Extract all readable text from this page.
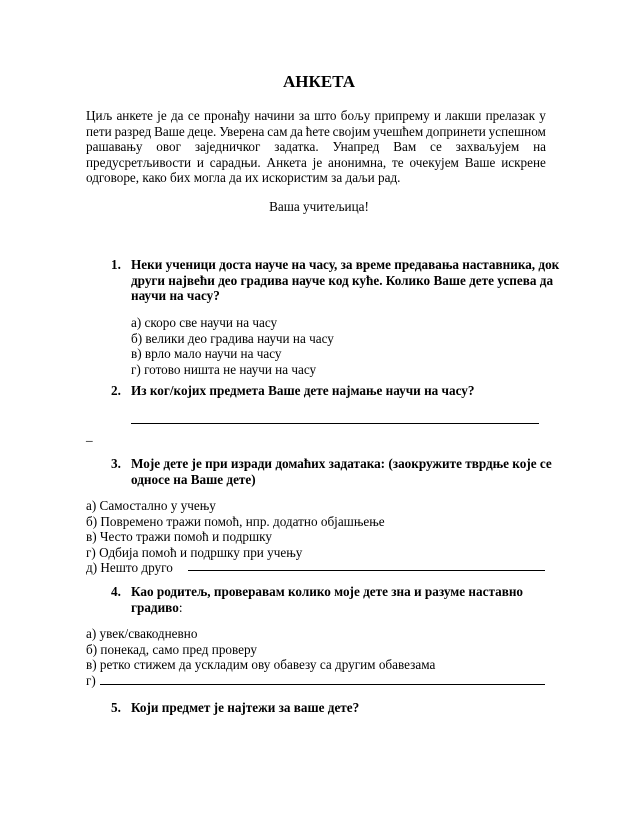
АНКЕТА
Циљ анкете је да се пронађу начини за што бољу припрему и лакши прелазак у
пети разред Ваше деце. Уверена сам да ћете својим учешћем допринети успешном
рашавању овог заједничког задатка. Унапред Вам се захваљујем на
предусретљивости и сарадњи. Анкета је анонимна, те очекујем Ваше искрене
одговоре, како бих могла да их искористим за даљи рад.
Ваша учитељица!
1. Неки ученици доста науче на часу, за време предавања наставника, док
други највећи део градива науче код куће. Колико Ваше дете успева да
научи на часу?
а) скоро све научи на часу
б) велики део градива научи на часу
в) врло мало научи на часу
г) готово ништа не научи на часу
2. Из ког/којих предмета Ваше дете најмање научи на часу?
_
3. Моје дете је при изради домаћих задатака: (заокружите тврдње које се
односе на Ваше дете)
а) Самостално у учењу
б) Повремено тражи помоћ, нпр. додатно објашњење
в) Често тражи помоћ и подршку
г) Одбија помоћ и подршку при учењу
д) Нешто друго
4. Као родитељ, проверавам колико моје дете зна и разуме наставно
градиво:
а) увек/свакодневно
б) понекад, само пред проверу
в) ретко стижем да ускладим ову обавезу са другим обавезама
г)
5. Који предмет је најтежи за ваше дете?
